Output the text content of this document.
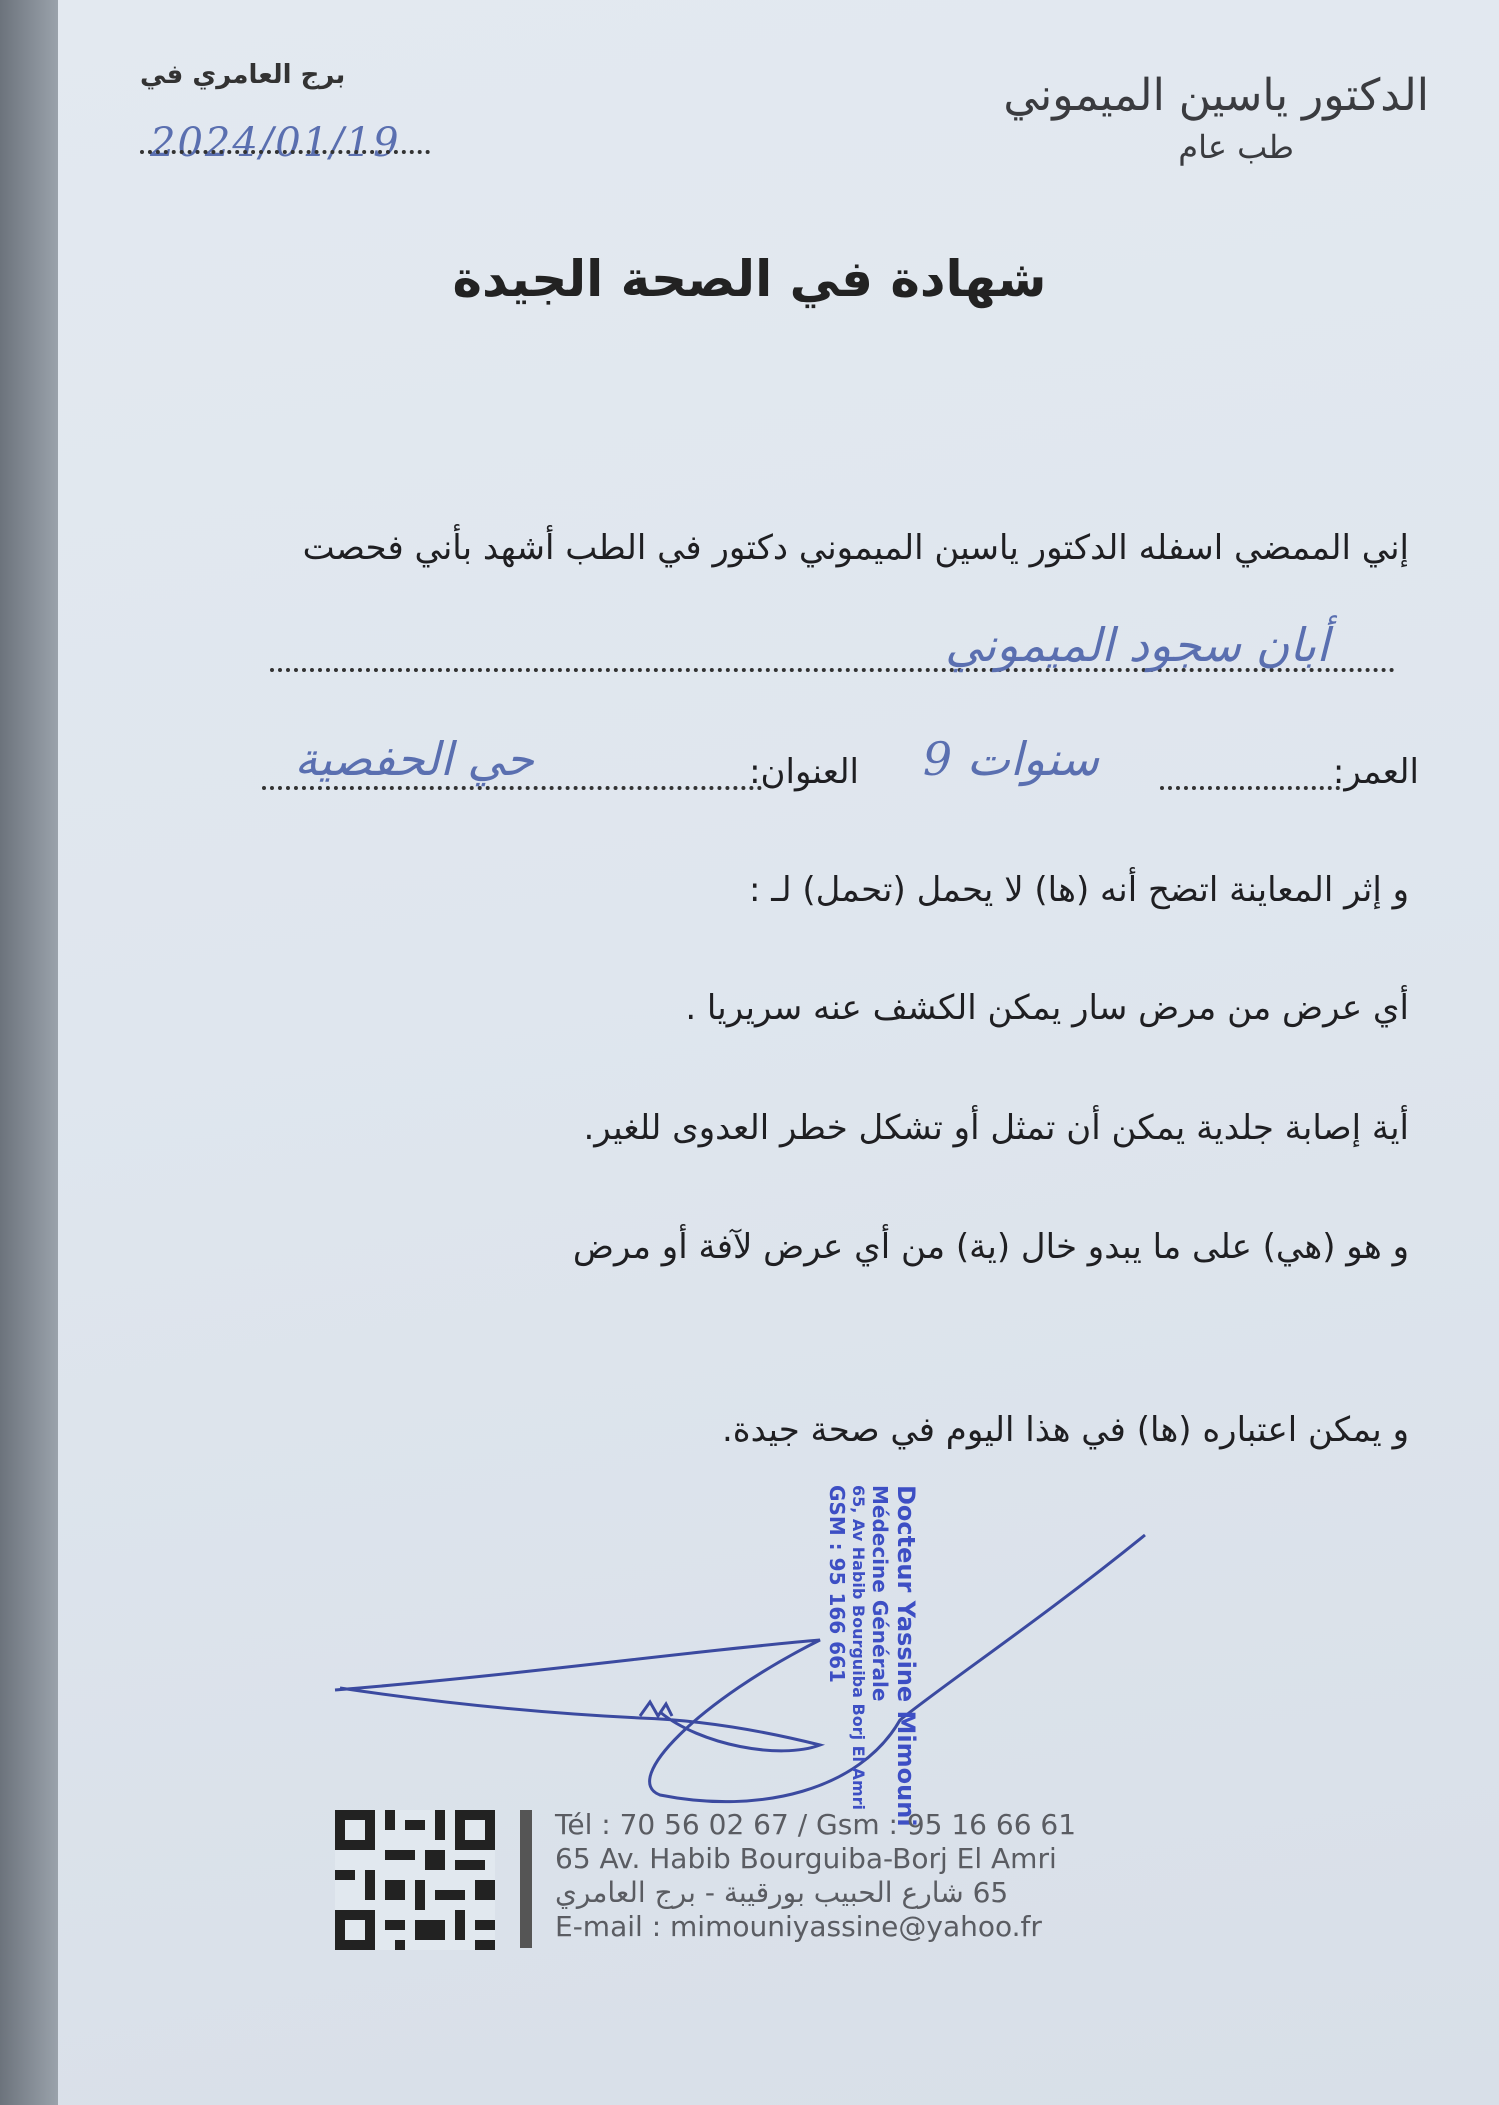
الدكتور ياسين الميموني
طب عام
برج العامري في
2024/01/19
شهادة في الصحة الجيدة
إني الممضي اسفله الدكتور ياسين الميموني دكتور في الطب أشهد بأني فحصت
أبان سجود الميموني
العمر:
9 سنوات
العنوان:
حي الحفصية
و إثر المعاينة اتضح أنه (ها) لا يحمل (تحمل) لـ :
أي عرض من مرض سار يمكن الكشف عنه سريريا .
أية إصابة جلدية يمكن أن تمثل أو تشكل خطر العدوى للغير.
و هو (هي) على ما يبدو خال (ية) من أي عرض لآفة أو مرض
و يمكن اعتباره (ها) في هذا اليوم في صحة جيدة.
Docteur Yassine Mimouni
Médecine Générale
65, Av Habib Bourguiba Borj El Amri
GSM : 95 166 661
Tél : 70 56 02 67 / Gsm : 95 16 66 61
65 Av. Habib Bourguiba-Borj El Amri
65 شارع الحبيب بورقيبة - برج العامري
E-mail : mimouniyassine@yahoo.fr
